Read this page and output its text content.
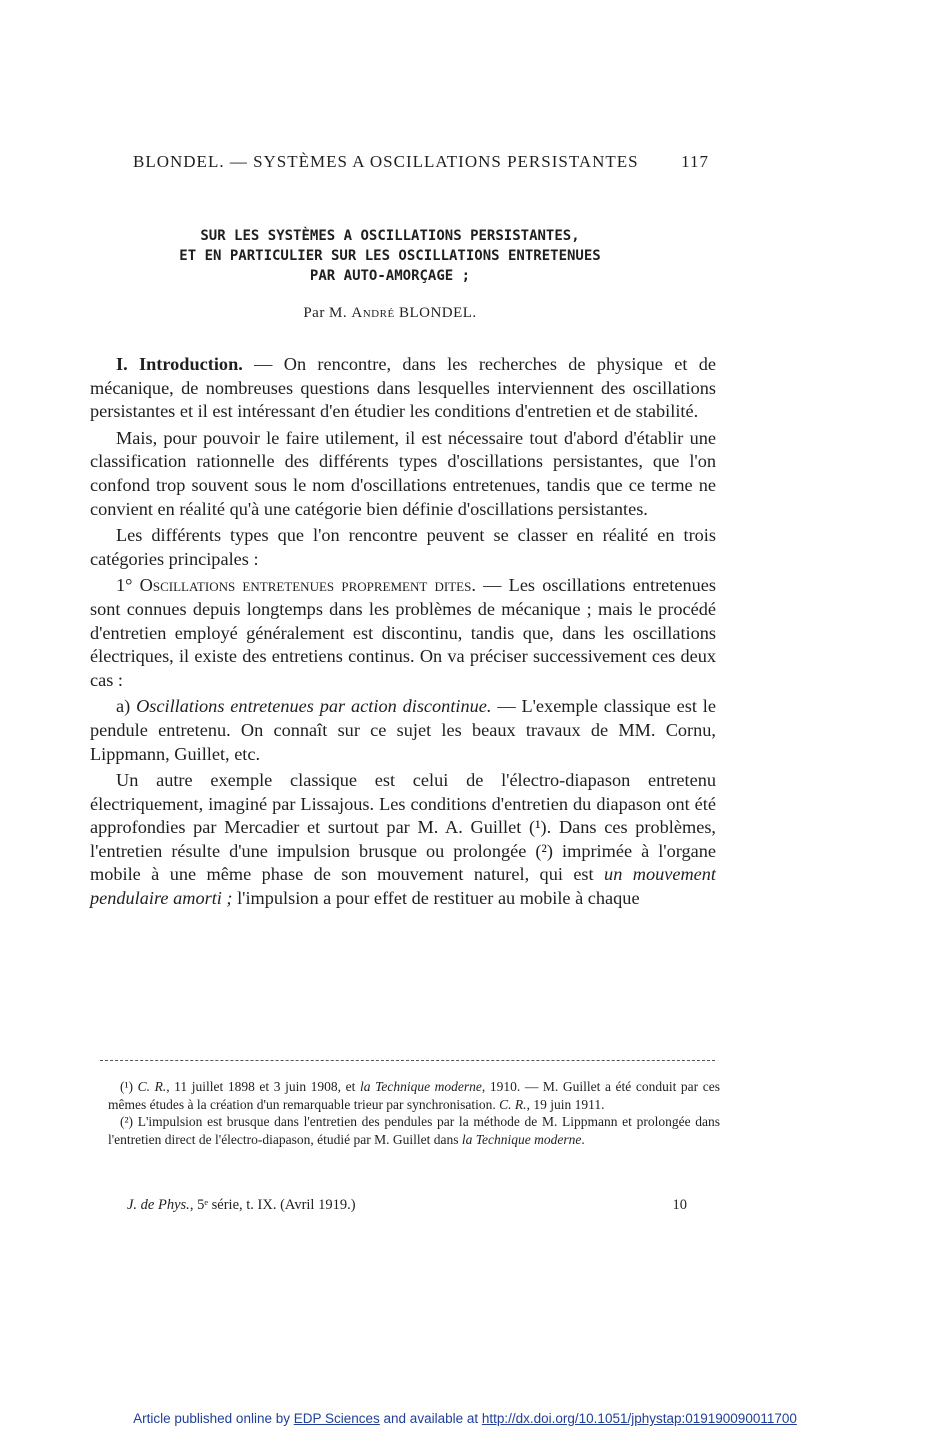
BLONDEL. — SYSTÈMES A OSCILLATIONS PERSISTANTES 117
SUR LES SYSTÈMES A OSCILLATIONS PERSISTANTES,
ET EN PARTICULIER SUR LES OSCILLATIONS ENTRETENUES
PAR AUTO-AMORÇAGE ;
Par M. André BLONDEL.

I. Introduction. — On rencontre, dans les recherches de physique et de mécanique, de nombreuses questions dans lesquelles interviennent des oscillations persistantes et il est intéressant d'en étudier les conditions d'entretien et de stabilité.

Mais, pour pouvoir le faire utilement, il est nécessaire tout d'abord d'établir une classification rationnelle des différents types d'oscillations persistantes, que l'on confond trop souvent sous le nom d'oscillations entretenues, tandis que ce terme ne convient en réalité qu'à une catégorie bien définie d'oscillations persistantes.

Les différents types que l'on rencontre peuvent se classer en réalité en trois catégories principales :

1° Oscillations entretenues proprement dites. — Les oscillations entretenues sont connues depuis longtemps dans les problèmes de mécanique ; mais le procédé d'entretien employé généralement est discontinu, tandis que, dans les oscillations électriques, il existe des entretiens continus. On va préciser successivement ces deux cas :

a) Oscillations entretenues par action discontinue. — L'exemple classique est le pendule entretenu. On connaît sur ce sujet les beaux travaux de MM. Cornu, Lippmann, Guillet, etc.

Un autre exemple classique est celui de l'électro-diapason entretenu électriquement, imaginé par Lissajous. Les conditions d'entretien du diapason ont été approfondies par Mercadier et surtout par M. A. Guillet (¹). Dans ces problèmes, l'entretien résulte d'une impulsion brusque ou prolongée (²) imprimée à l'organe mobile à une même phase de son mouvement naturel, qui est un mouvement pendulaire amorti ; l'impulsion a pour effet de restituer au mobile à chaque

(¹) C. R., 11 juillet 1898 et 3 juin 1908, et la Technique moderne, 1910. — M. Guillet a été conduit par ces mêmes études à la création d'un remarquable trieur par synchronisation. C. R., 19 juin 1911.

(²) L'impulsion est brusque dans l'entretien des pendules par la méthode de M. Lippmann et prolongée dans l'entretien direct de l'électro-diapason, étudié par M. Guillet dans la Technique moderne.

J. de Phys., 5ᵉ série, t. IX. (Avril 1919.)	10
Article published online by EDP Sciences and available at http://dx.doi.org/10.1051/jphystap:019190090011700
